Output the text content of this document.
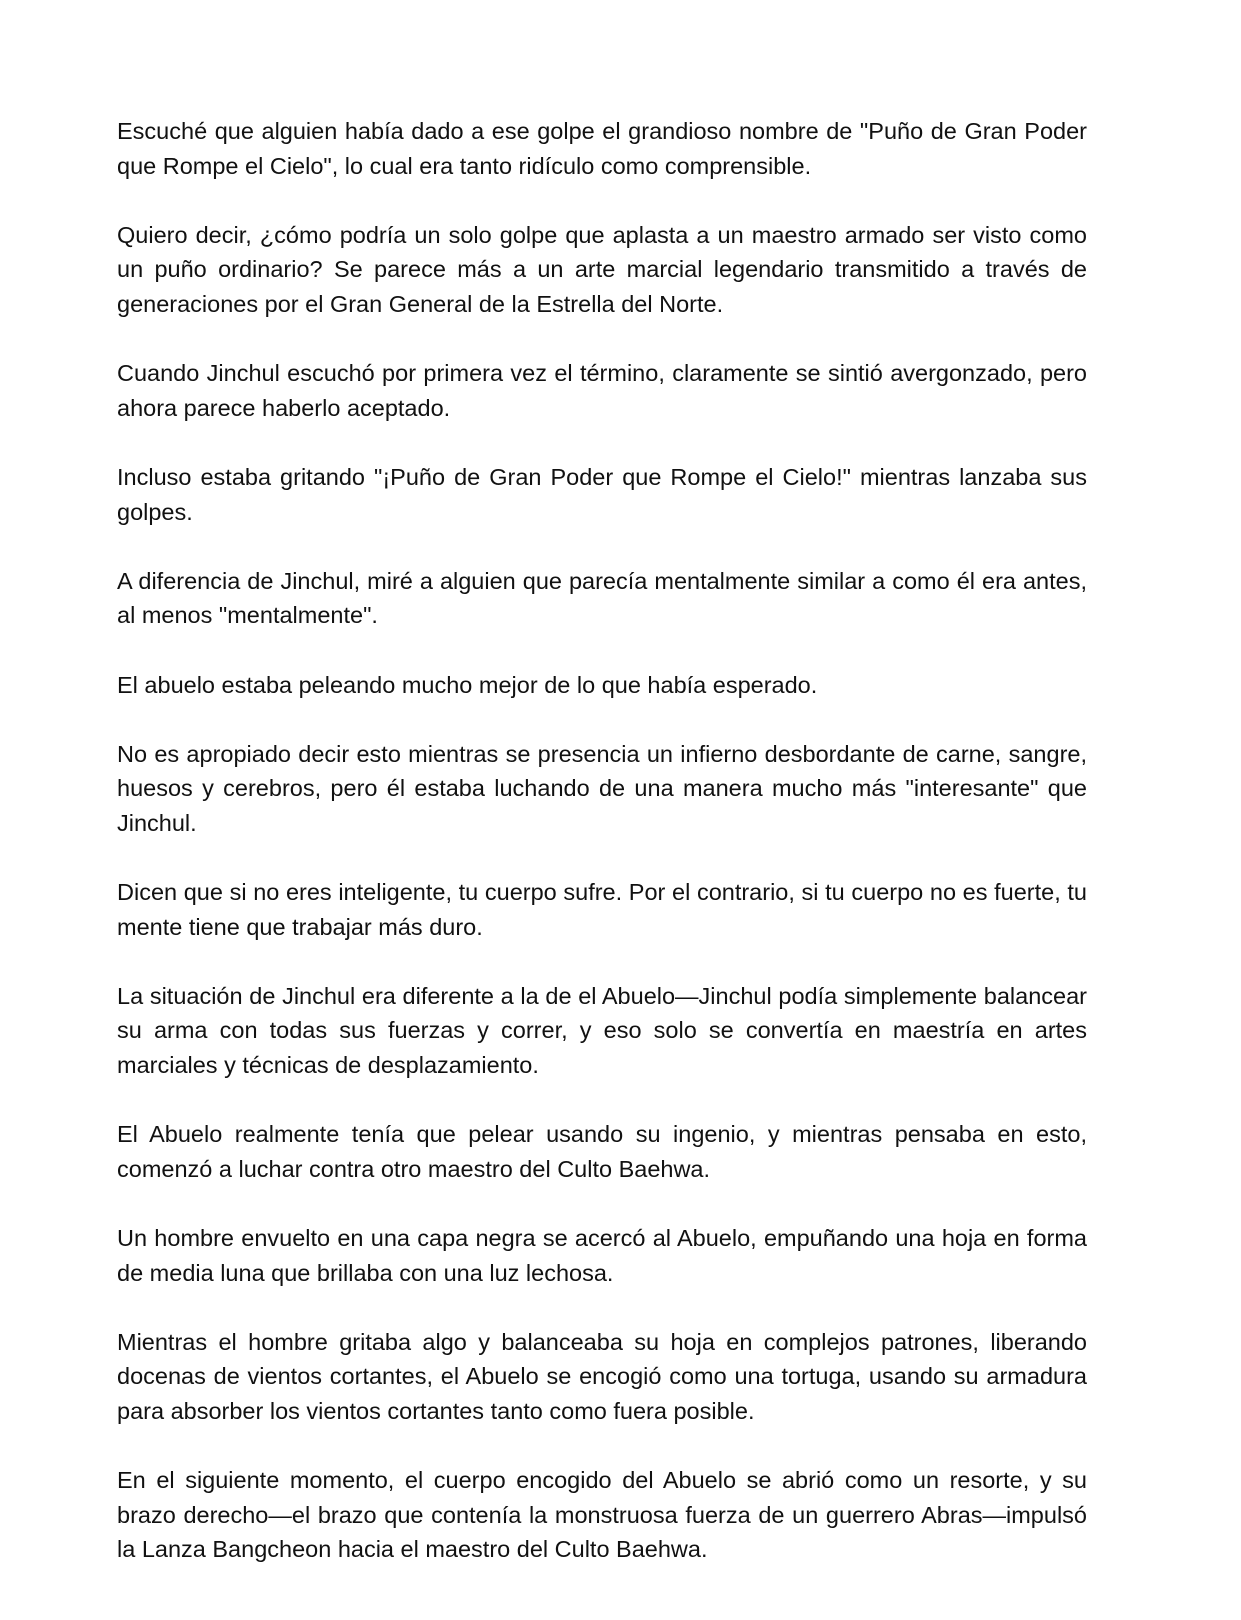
Escuché que alguien había dado a ese golpe el grandioso nombre de "Puño de Gran Poder que Rompe el Cielo", lo cual era tanto ridículo como comprensible.

Quiero decir, ¿cómo podría un solo golpe que aplasta a un maestro armado ser visto como un puño ordinario? Se parece más a un arte marcial legendario transmitido a través de generaciones por el Gran General de la Estrella del Norte.

Cuando Jinchul escuchó por primera vez el término, claramente se sintió avergonzado, pero ahora parece haberlo aceptado.

Incluso estaba gritando "¡Puño de Gran Poder que Rompe el Cielo!" mientras lanzaba sus golpes.

A diferencia de Jinchul, miré a alguien que parecía mentalmente similar a como él era antes, al menos "mentalmente".

El abuelo estaba peleando mucho mejor de lo que había esperado.

No es apropiado decir esto mientras se presencia un infierno desbordante de carne, sangre, huesos y cerebros, pero él estaba luchando de una manera mucho más "interesante" que Jinchul.

Dicen que si no eres inteligente, tu cuerpo sufre. Por el contrario, si tu cuerpo no es fuerte, tu mente tiene que trabajar más duro.

La situación de Jinchul era diferente a la de el Abuelo—Jinchul podía simplemente balancear su arma con todas sus fuerzas y correr, y eso solo se convertía en maestría en artes marciales y técnicas de desplazamiento.

El Abuelo realmente tenía que pelear usando su ingenio, y mientras pensaba en esto, comenzó a luchar contra otro maestro del Culto Baehwa.

Un hombre envuelto en una capa negra se acercó al Abuelo, empuñando una hoja en forma de media luna que brillaba con una luz lechosa.

Mientras el hombre gritaba algo y balanceaba su hoja en complejos patrones, liberando docenas de vientos cortantes, el Abuelo se encogió como una tortuga, usando su armadura para absorber los vientos cortantes tanto como fuera posible.

En el siguiente momento, el cuerpo encogido del Abuelo se abrió como un resorte, y su brazo derecho—el brazo que contenía la monstruosa fuerza de un guerrero Abras—impulsó la Lanza Bangcheon hacia el maestro del Culto Baehwa.
